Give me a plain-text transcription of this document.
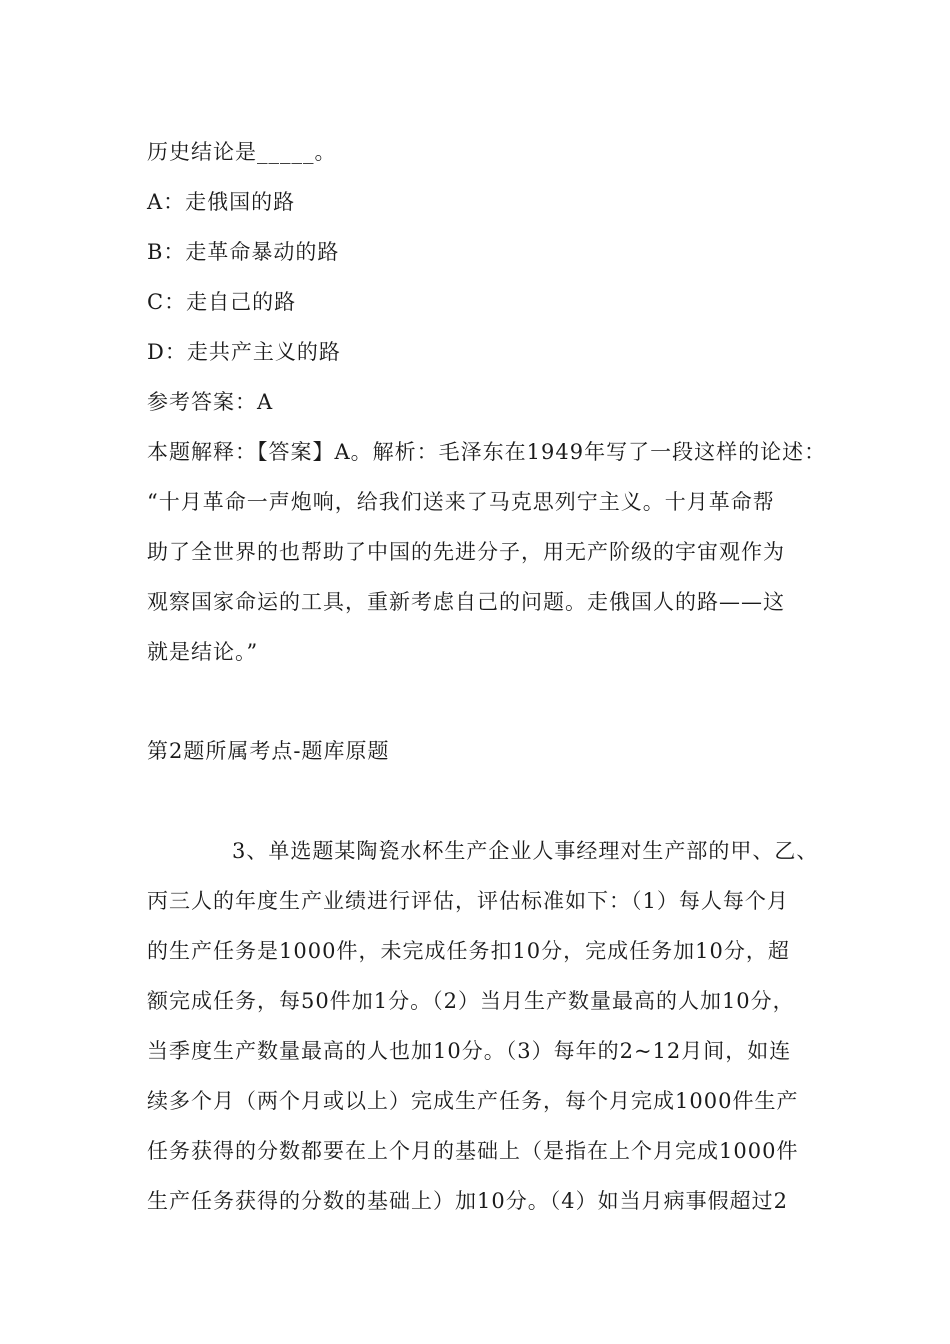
历史结论是_____。
A：走俄国的路
B：走革命暴动的路
C：走自己的路
D：走共产主义的路
参考答案：A
本题解释：【答案】A。解析：毛泽东在1949年写了一段这样的论述：
“十月革命一声炮响，给我们送来了马克思列宁主义。十月革命帮
助了全世界的也帮助了中国的先进分子，用无产阶级的宇宙观作为
观察国家命运的工具，重新考虑自己的问题。走俄国人的路——这
就是结论。”
第2题所属考点-题库原题
3、单选题某陶瓷水杯生产企业人事经理对生产部的甲、乙、
丙三人的年度生产业绩进行评估，评估标准如下：（1）每人每个月
的生产任务是1000件，未完成任务扣10分，完成任务加10分，超
额完成任务，每50件加1分。（2）当月生产数量最高的人加10分，
当季度生产数量最高的人也加10分。（3）每年的2~12月间，如连
续多个月（两个月或以上）完成生产任务，每个月完成1000件生产
任务获得的分数都要在上个月的基础上（是指在上个月完成1000件
生产任务获得的分数的基础上）加10分。（4）如当月病事假超过2
